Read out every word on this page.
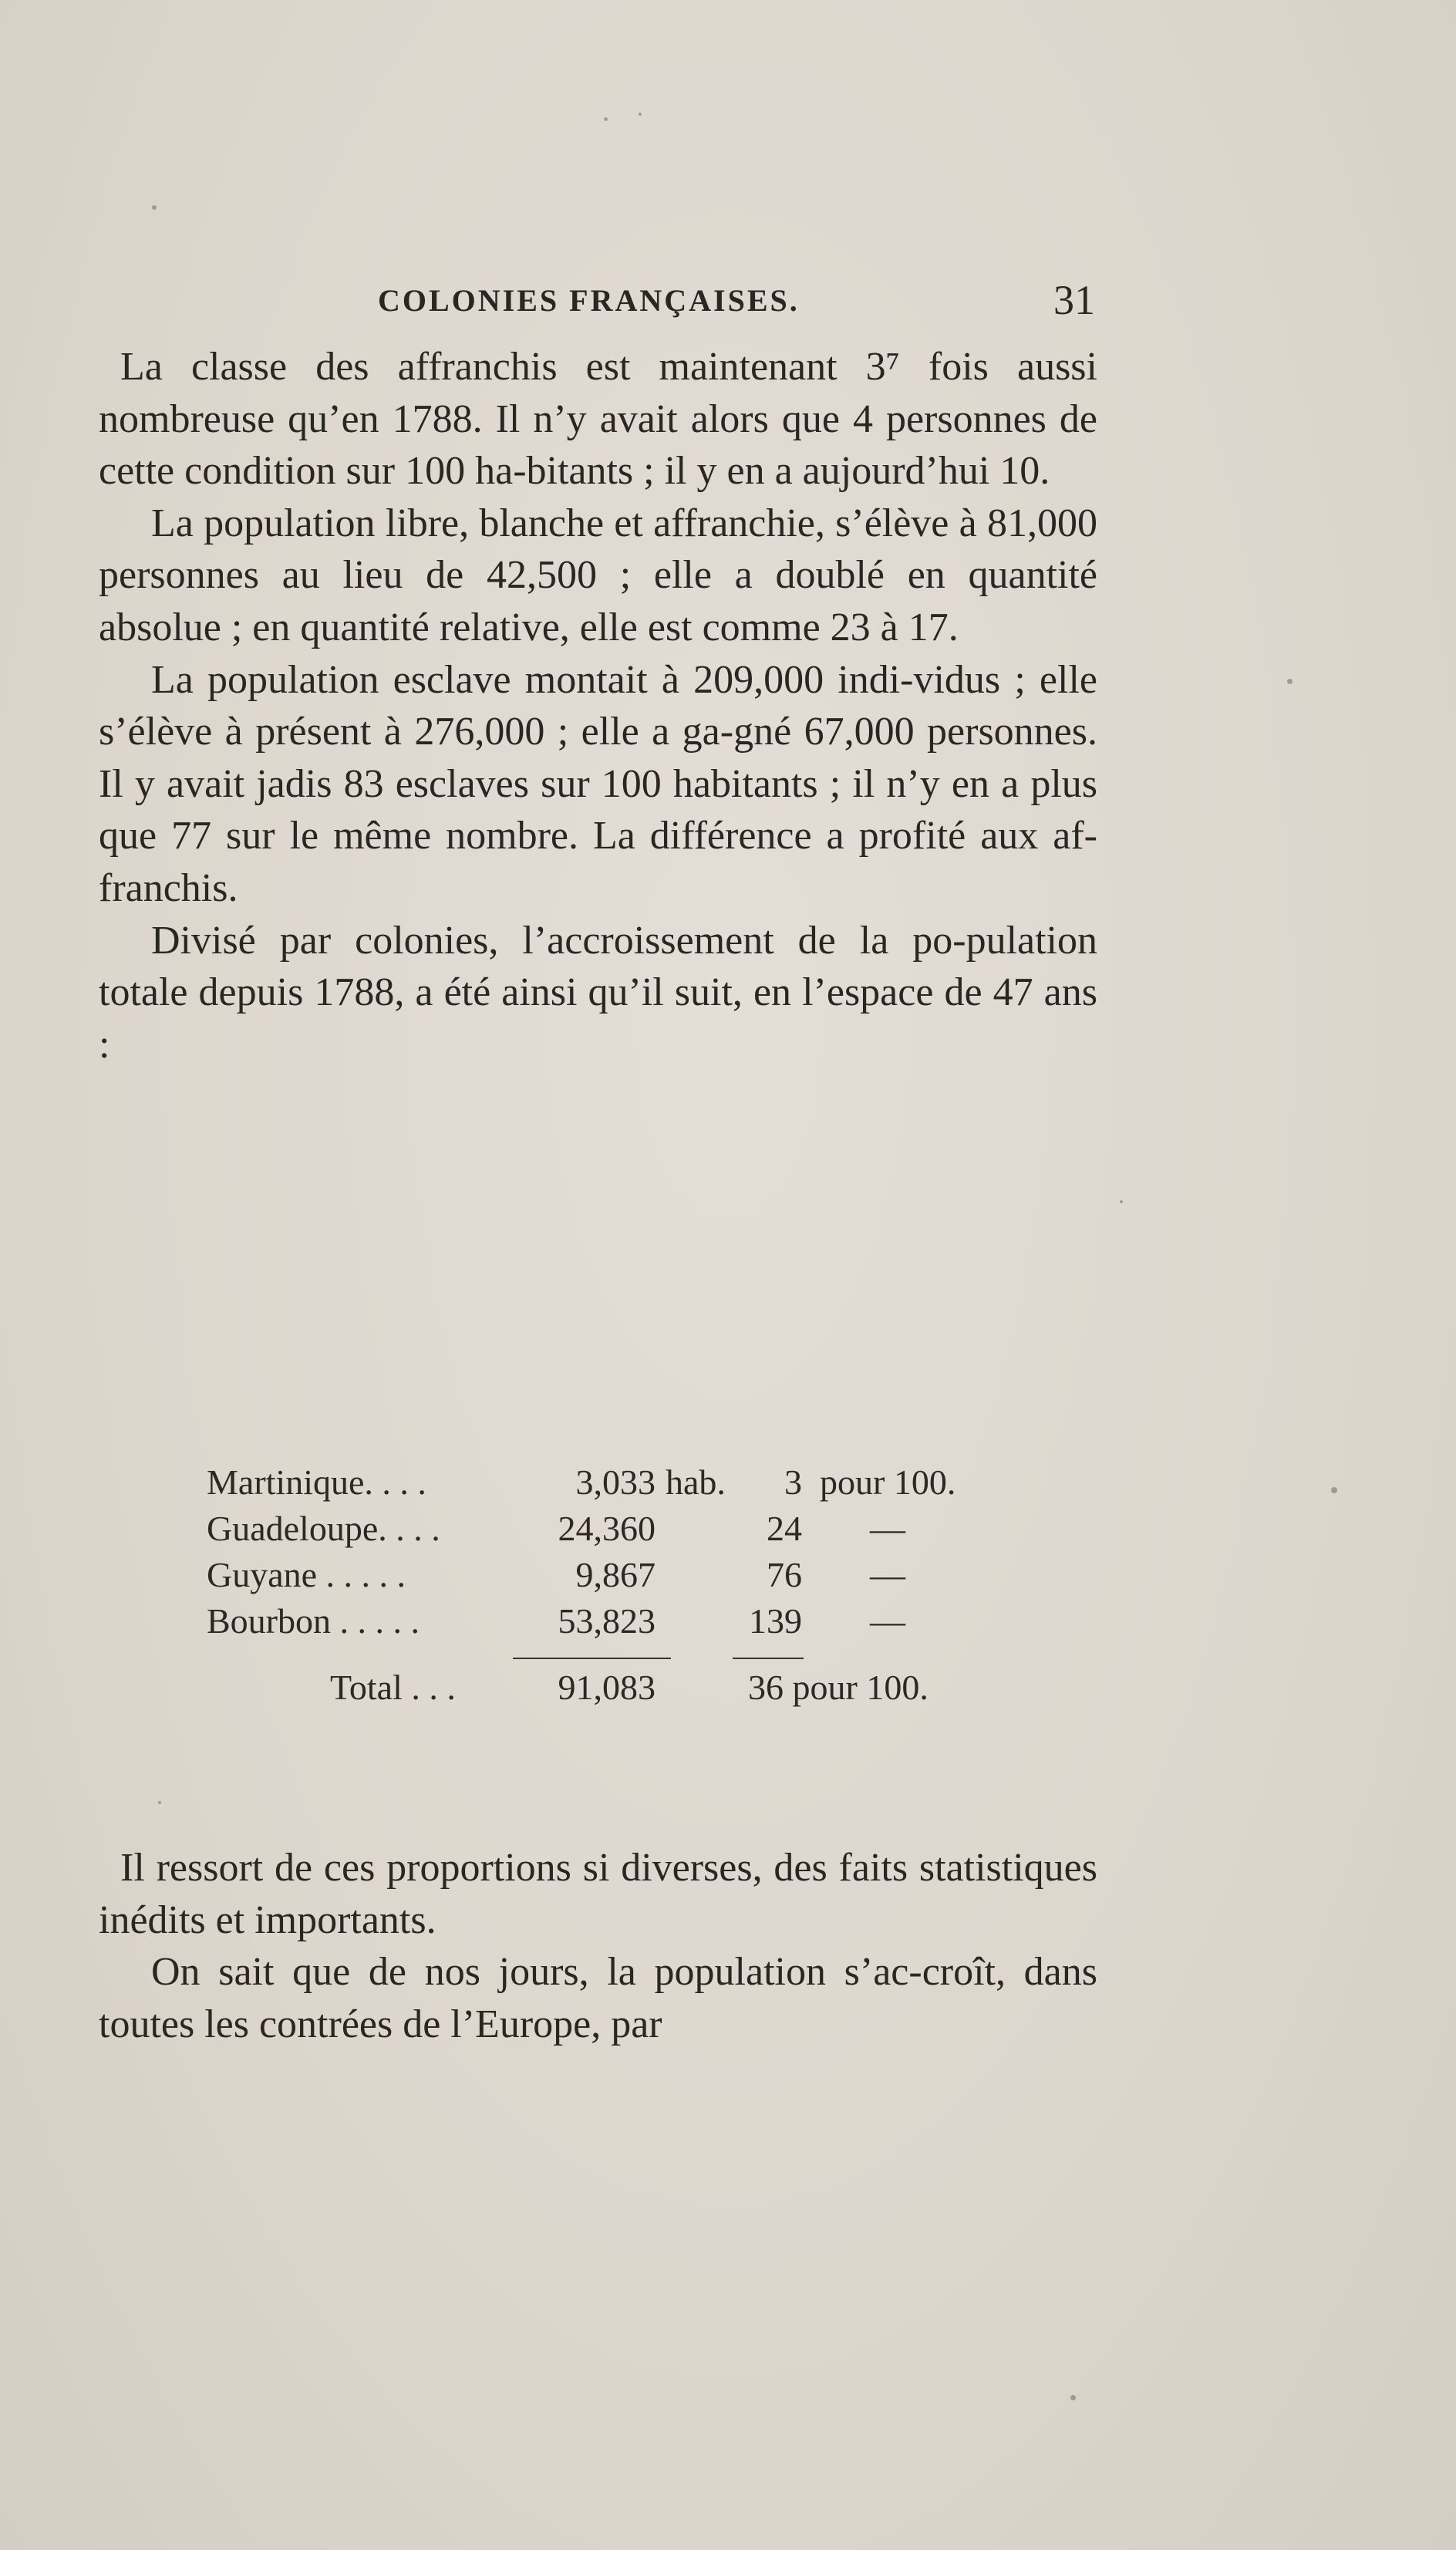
COLONIES FRANÇAISES.	31

La classe des affranchis est maintenant 3⁷ fois aussi nombreuse qu’en 1788. Il n’y avait alors que 4 personnes de cette condition sur 100 ha-bitants ; il y en a aujourd’hui 10.

La population libre, blanche et affranchie, s’élève à 81,000 personnes au lieu de 42,500 ; elle a doublé en quantité absolue ; en quantité relative, elle est comme 23 à 17.

La population esclave montait à 209,000 indi-vidus ; elle s’élève à présent à 276,000 ; elle a ga-gné 67,000 personnes. Il y avait jadis 83 esclaves sur 100 habitants ; il n’y en a plus que 77 sur le même nombre. La différence a profité aux af-franchis.

Divisé par colonies, l’accroissement de la po-pulation totale depuis 1788, a été ainsi qu’il suit, en l’espace de 47 ans :

Martinique. . . .	3,033 hab.	3 pour 100.
Guadeloupe. . . .	24,360	24 —
Guyane . . . . .	9,867	76 —
Bourbon . . . . .	53,823	139 —
Total . . .	91,083	36 pour 100.

Il ressort de ces proportions si diverses, des faits statistiques inédits et importants.

On sait que de nos jours, la population s’ac-croît, dans toutes les contrées de l’Europe, par
